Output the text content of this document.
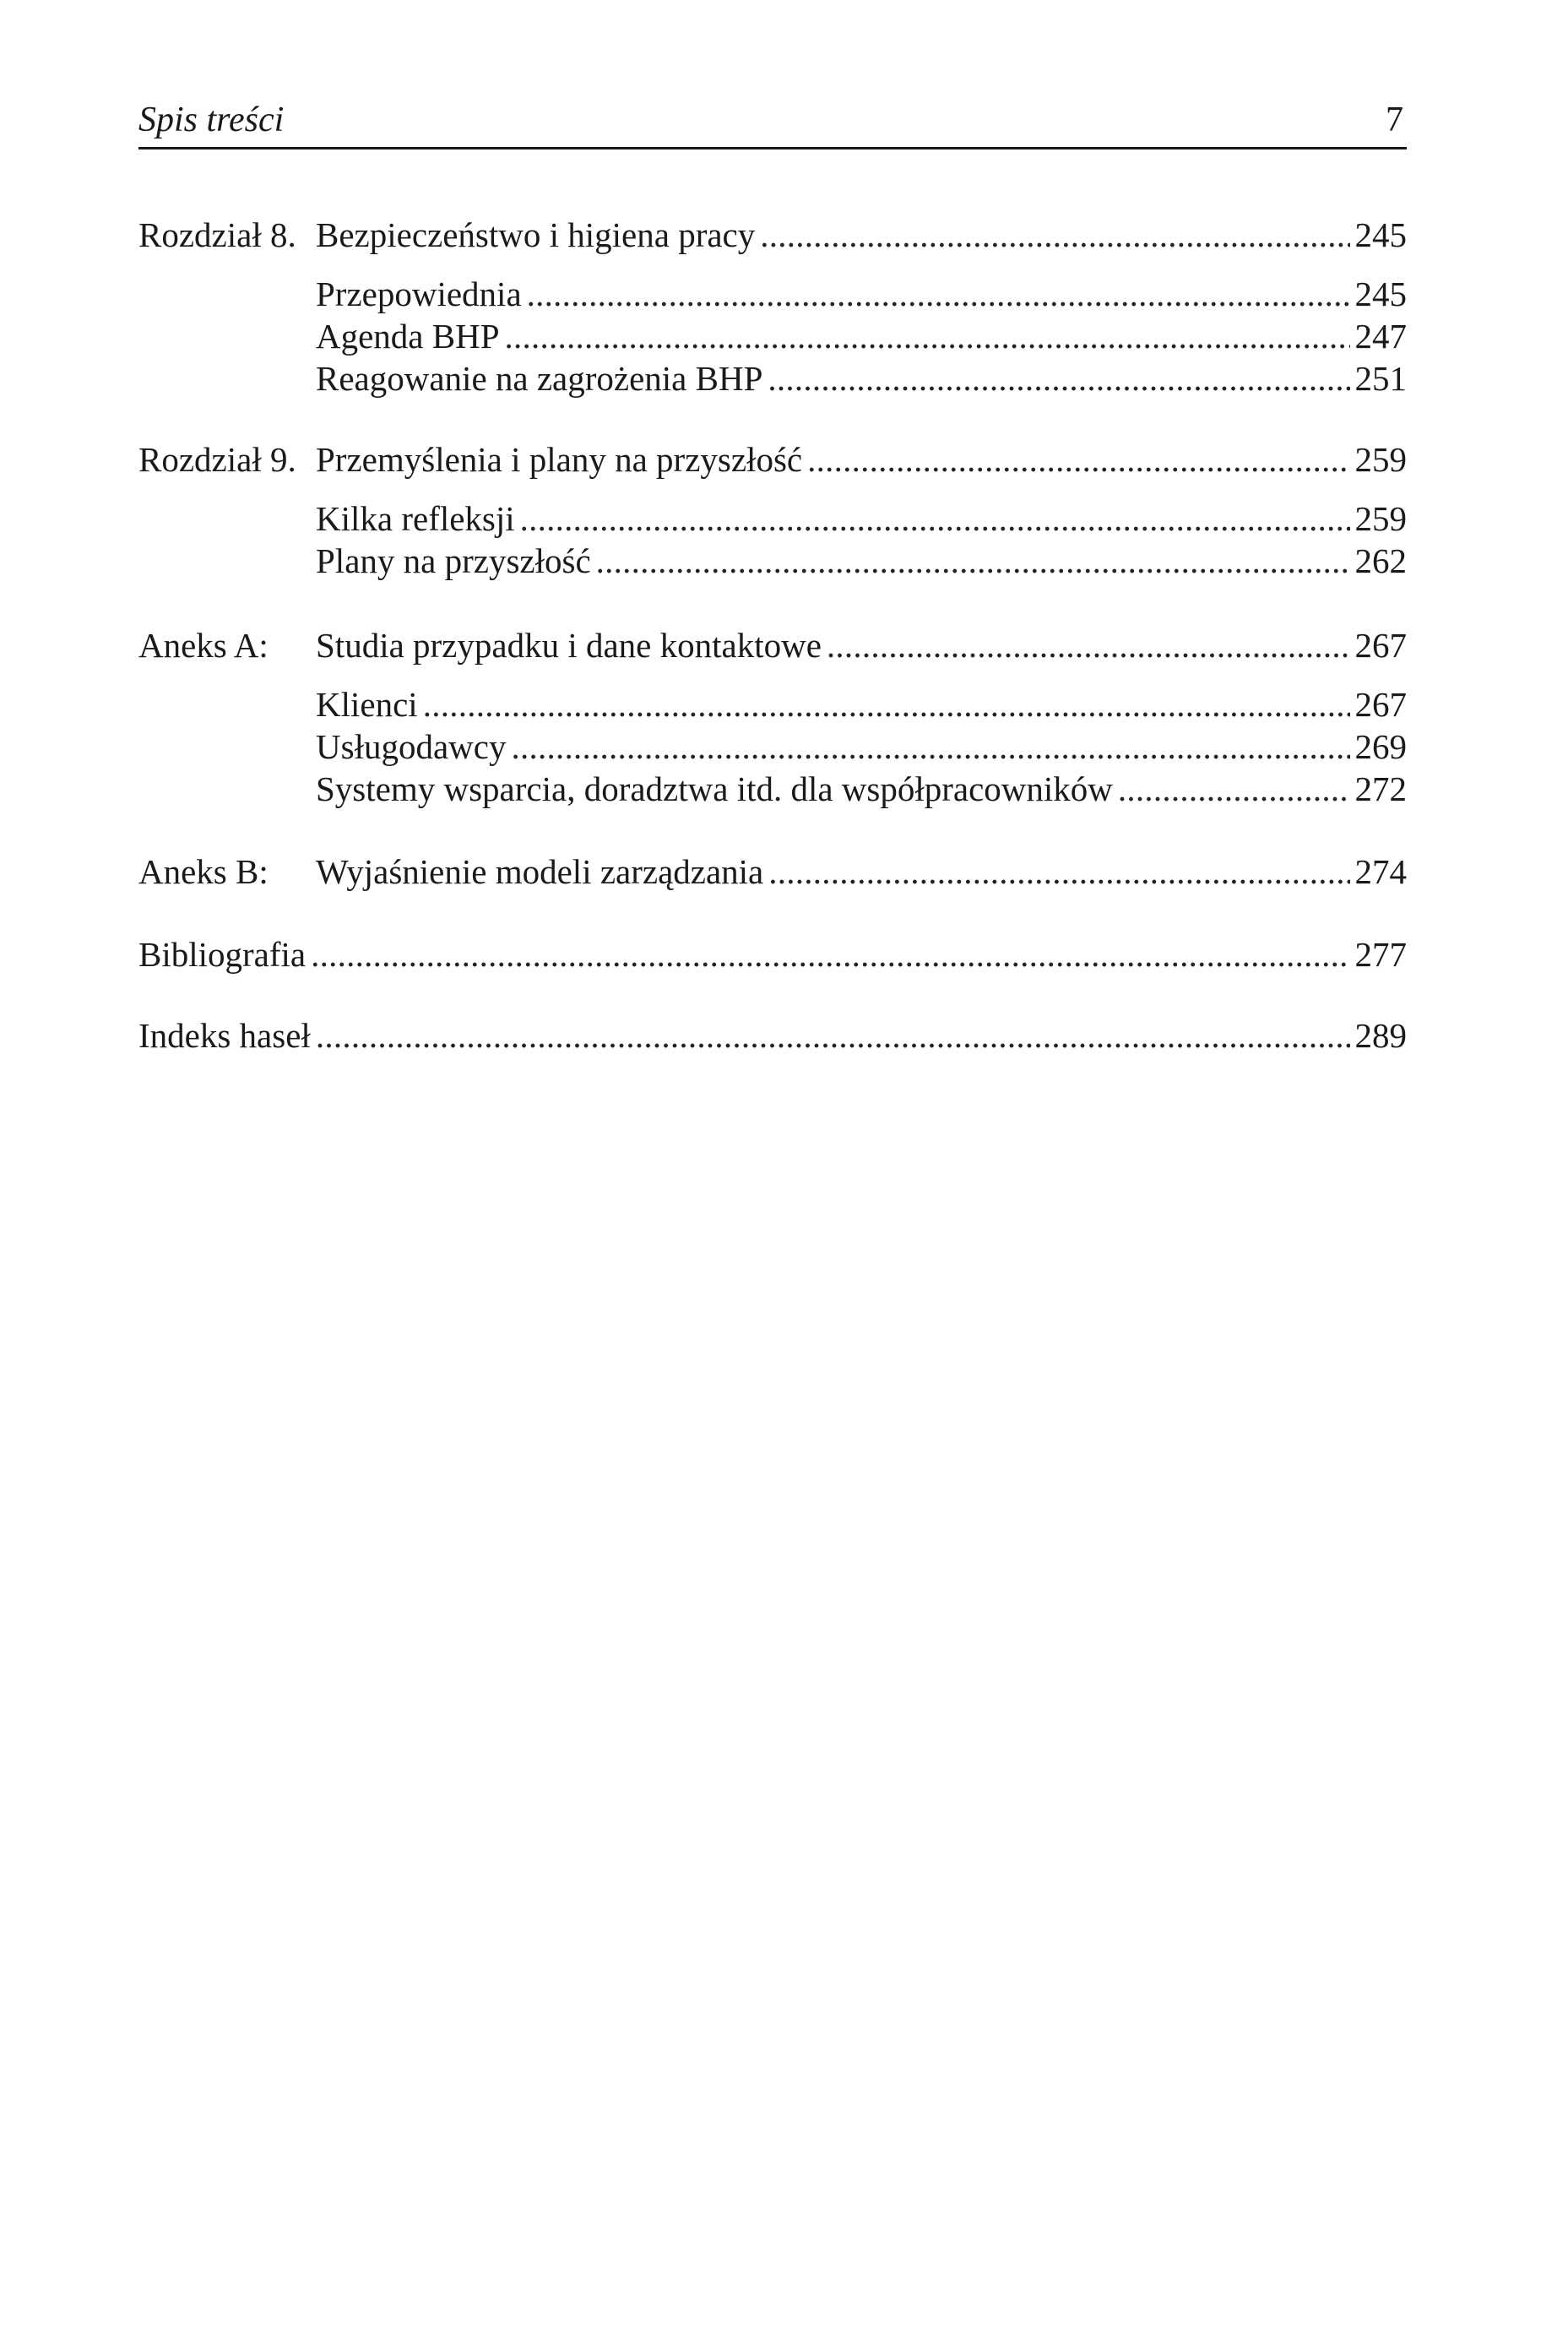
Spis treści	7
Rozdział 8. Bezpieczeństwo i higiena pracy . . .	245
Przepowiednia . . .	245
Agenda BHP . . .	247
Reagowanie na zagrożenia BHP . . .	251
Rozdział 9. Przemyślenia i plany na przyszłość . . .	259
Kilka refleksji . . .	259
Plany na przyszłość . . .	262
Aneks A:	Studia przypadku i dane kontaktowe . . .	267
Klienci . . .	267
Usługodawcy . . .	269
Systemy wsparcia, doradztwa itd. dla współpracowników . . .	272
Aneks B:	Wyjaśnienie modeli zarządzania . . .	274
Bibliografia . . .	277
Indeks haseł . . .	289
